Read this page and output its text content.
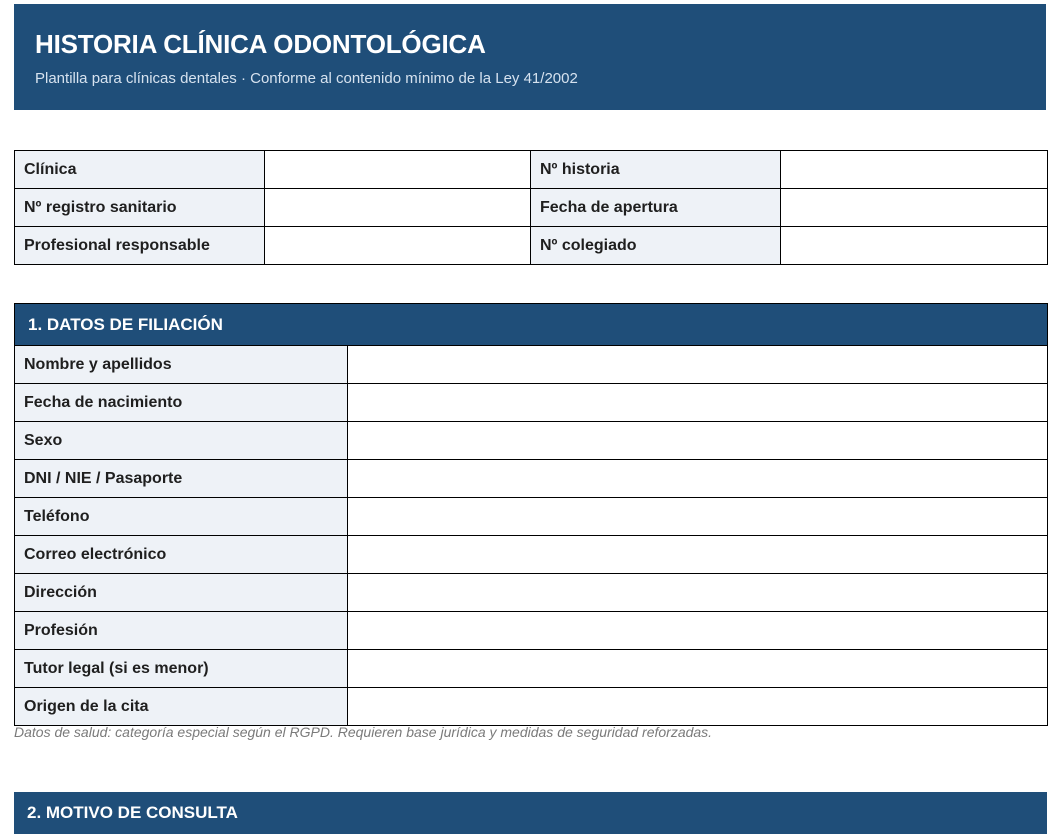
HISTORIA CLÍNICA ODONTOLÓGICA
Plantilla para clínicas dentales · Conforme al contenido mínimo de la Ley 41/2002
Clínica		Nº historia	
Nº registro sanitario		Fecha de apertura	
Profesional responsable		Nº colegiado	
1. DATOS DE FILIACIÓN	
Nombre y apellidos	
Fecha de nacimiento	
Sexo	
DNI / NIE / Pasaporte	
Teléfono	
Correo electrónico	
Dirección	
Profesión	
Tutor legal (si es menor)	
Origen de la cita	
Datos de salud: categoría especial según el RGPD. Requieren base jurídica y medidas de seguridad reforzadas.
2. MOTIVO DE CONSULTA
